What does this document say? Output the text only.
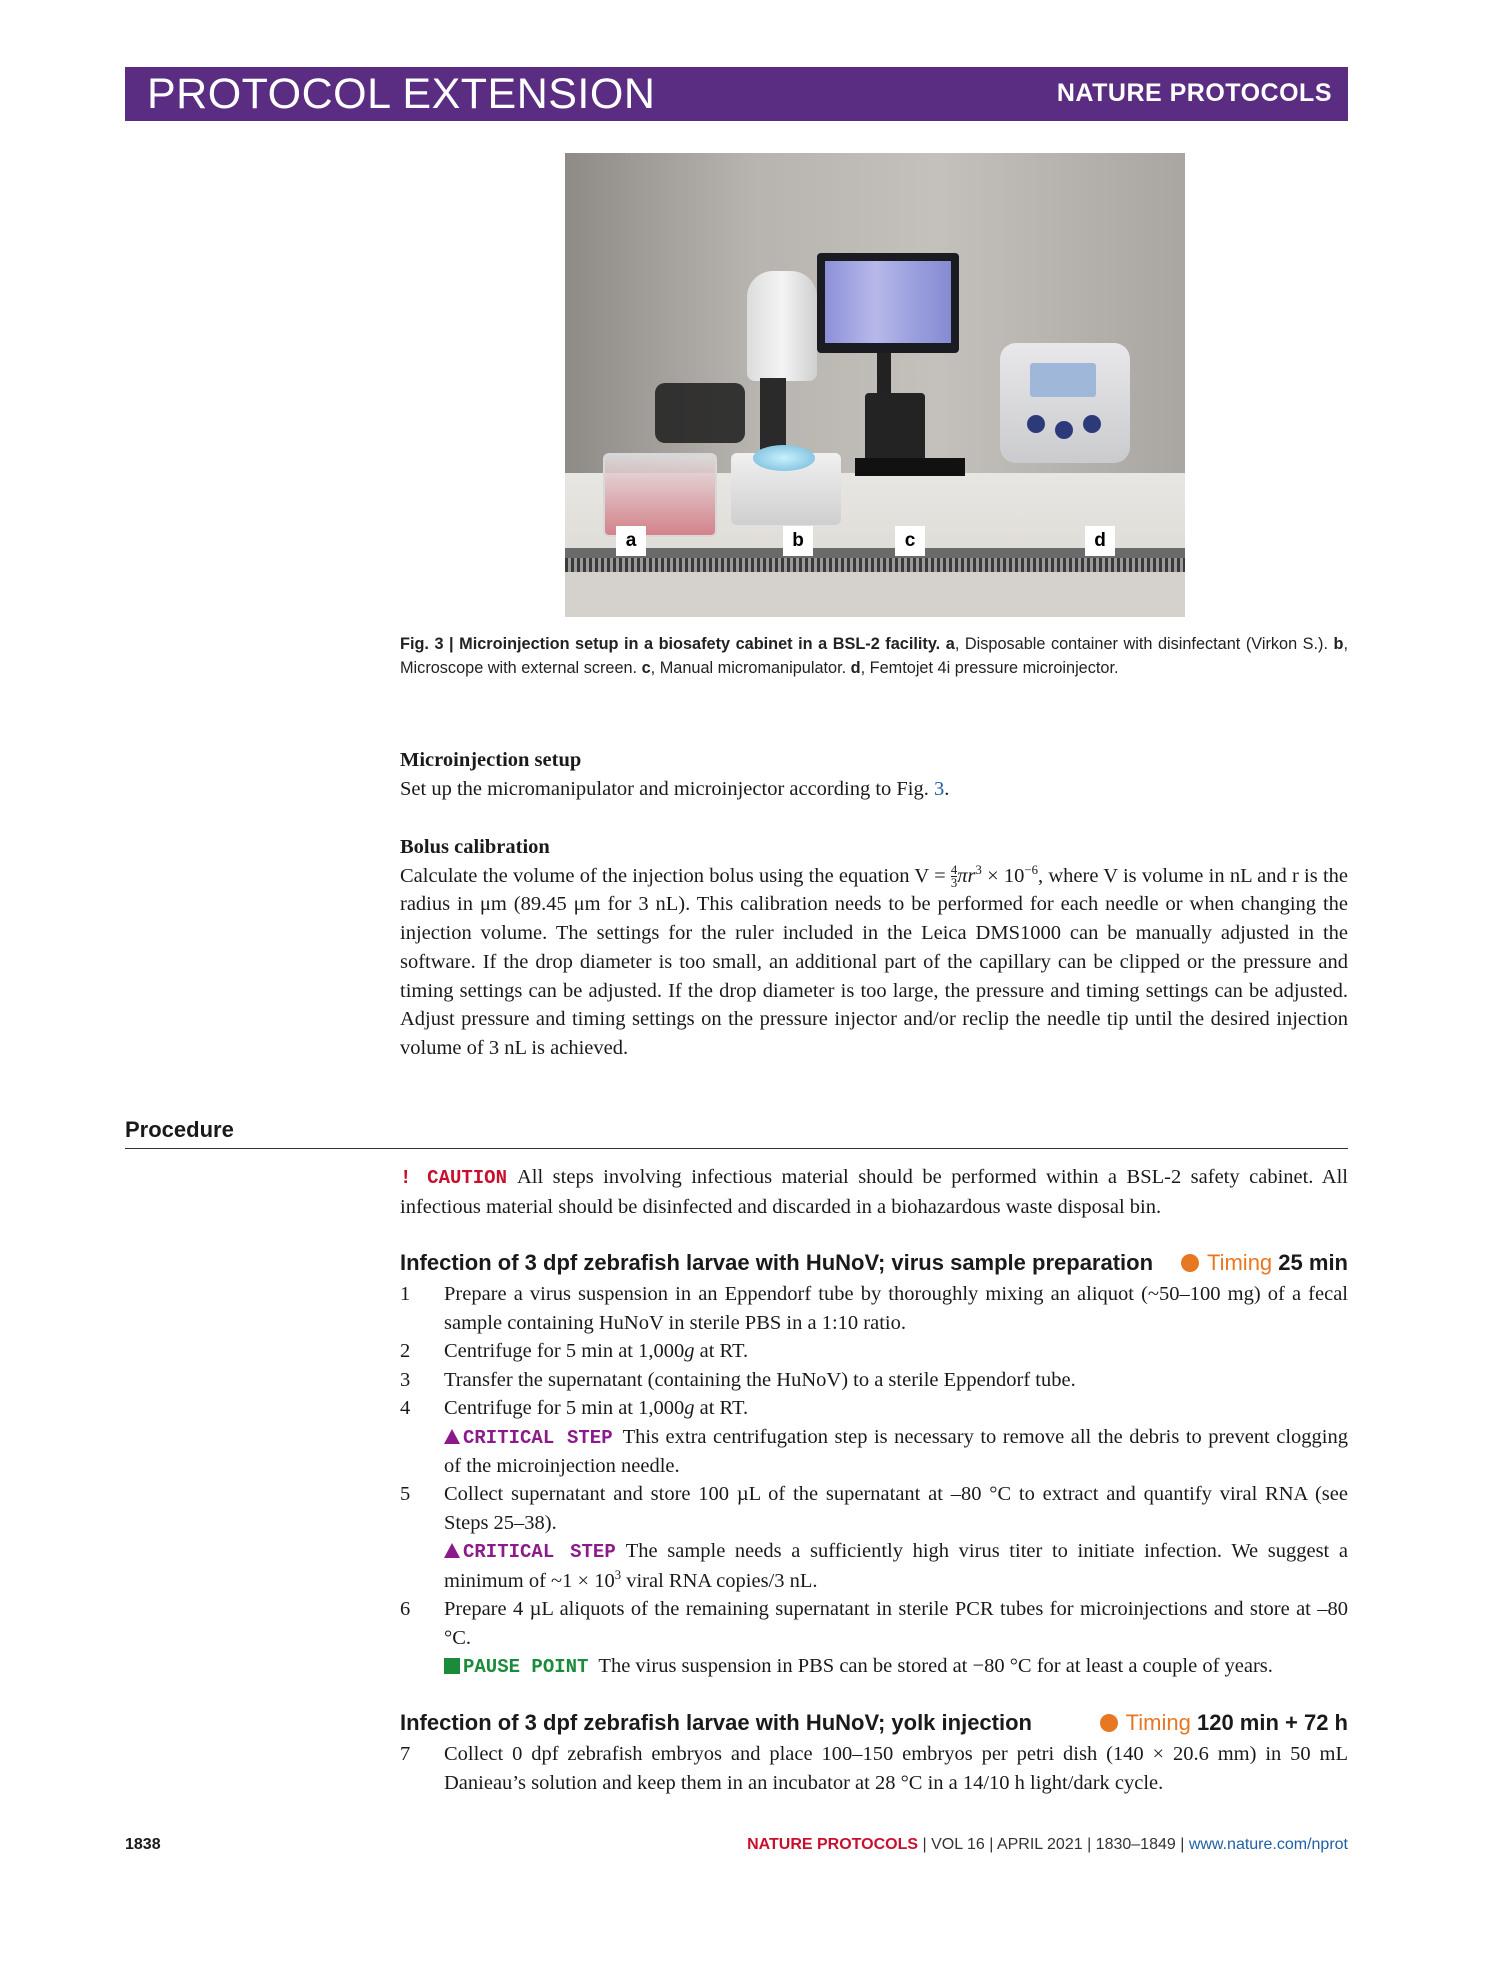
PROTOCOL EXTENSION	NATURE PROTOCOLS
a	b	c	d
Fig. 3 | Microinjection setup in a biosafety cabinet in a BSL-2 facility. a, Disposable container with disinfectant (Virkon S.). b, Microscope with external screen. c, Manual micromanipulator. d, Femtojet 4i pressure microinjector.
Microinjection setup
Set up the micromanipulator and microinjector according to Fig. 3.
Bolus calibration
Calculate the volume of the injection bolus using the equation $V = \frac{4}{3} \pi r^3 \times 10^{-6}$, where V is volume in nL and r is the radius in μm (89.45 μm for 3 nL). This calibration needs to be performed for each needle or when changing the injection volume. The settings for the ruler included in the Leica DMS1000 can be manually adjusted in the software. If the drop diameter is too small, an additional part of the capillary can be clipped or the pressure and timing settings can be adjusted. If the drop diameter is too large, the pressure and timing settings can be adjusted. Adjust pressure and timing settings on the pressure injector and/or reclip the needle tip until the desired injection volume of 3 nL is achieved.
Procedure
! CAUTION All steps involving infectious material should be performed within a BSL-2 safety cabinet. All infectious material should be disinfected and discarded in a biohazardous waste disposal bin.
Infection of 3 dpf zebrafish larvae with HuNoV; virus sample preparation	Timing 25 min
1 Prepare a virus suspension in an Eppendorf tube by thoroughly mixing an aliquot (~50–100 mg) of a fecal sample containing HuNoV in sterile PBS in a 1:10 ratio.
2 Centrifuge for 5 min at 1,000g at RT.
3 Transfer the supernatant (containing the HuNoV) to a sterile Eppendorf tube.
4 Centrifuge for 5 min at 1,000g at RT.
CRITICAL STEP This extra centrifugation step is necessary to remove all the debris to prevent clogging of the microinjection needle.
5 Collect supernatant and store 100 µL of the supernatant at –80 °C to extract and quantify viral RNA (see Steps 25–38).
CRITICAL STEP The sample needs a sufficiently high virus titer to initiate infection. We suggest a minimum of ~1 × $10^3$ viral RNA copies/3 nL.
6 Prepare 4 µL aliquots of the remaining supernatant in sterile PCR tubes for microinjections and store at –80 °C.
PAUSE POINT The virus suspension in PBS can be stored at −80 °C for at least a couple of years.
Infection of 3 dpf zebrafish larvae with HuNoV; yolk injection	Timing 120 min + 72 h
7 Collect 0 dpf zebrafish embryos and place 100–150 embryos per petri dish (140 × 20.6 mm) in 50 mL Danieau’s solution and keep them in an incubator at 28 °C in a 14/10 h light/dark cycle.
1838	NATURE PROTOCOLS | VOL 16 | APRIL 2021 | 1830–1849 | www.nature.com/nprot
